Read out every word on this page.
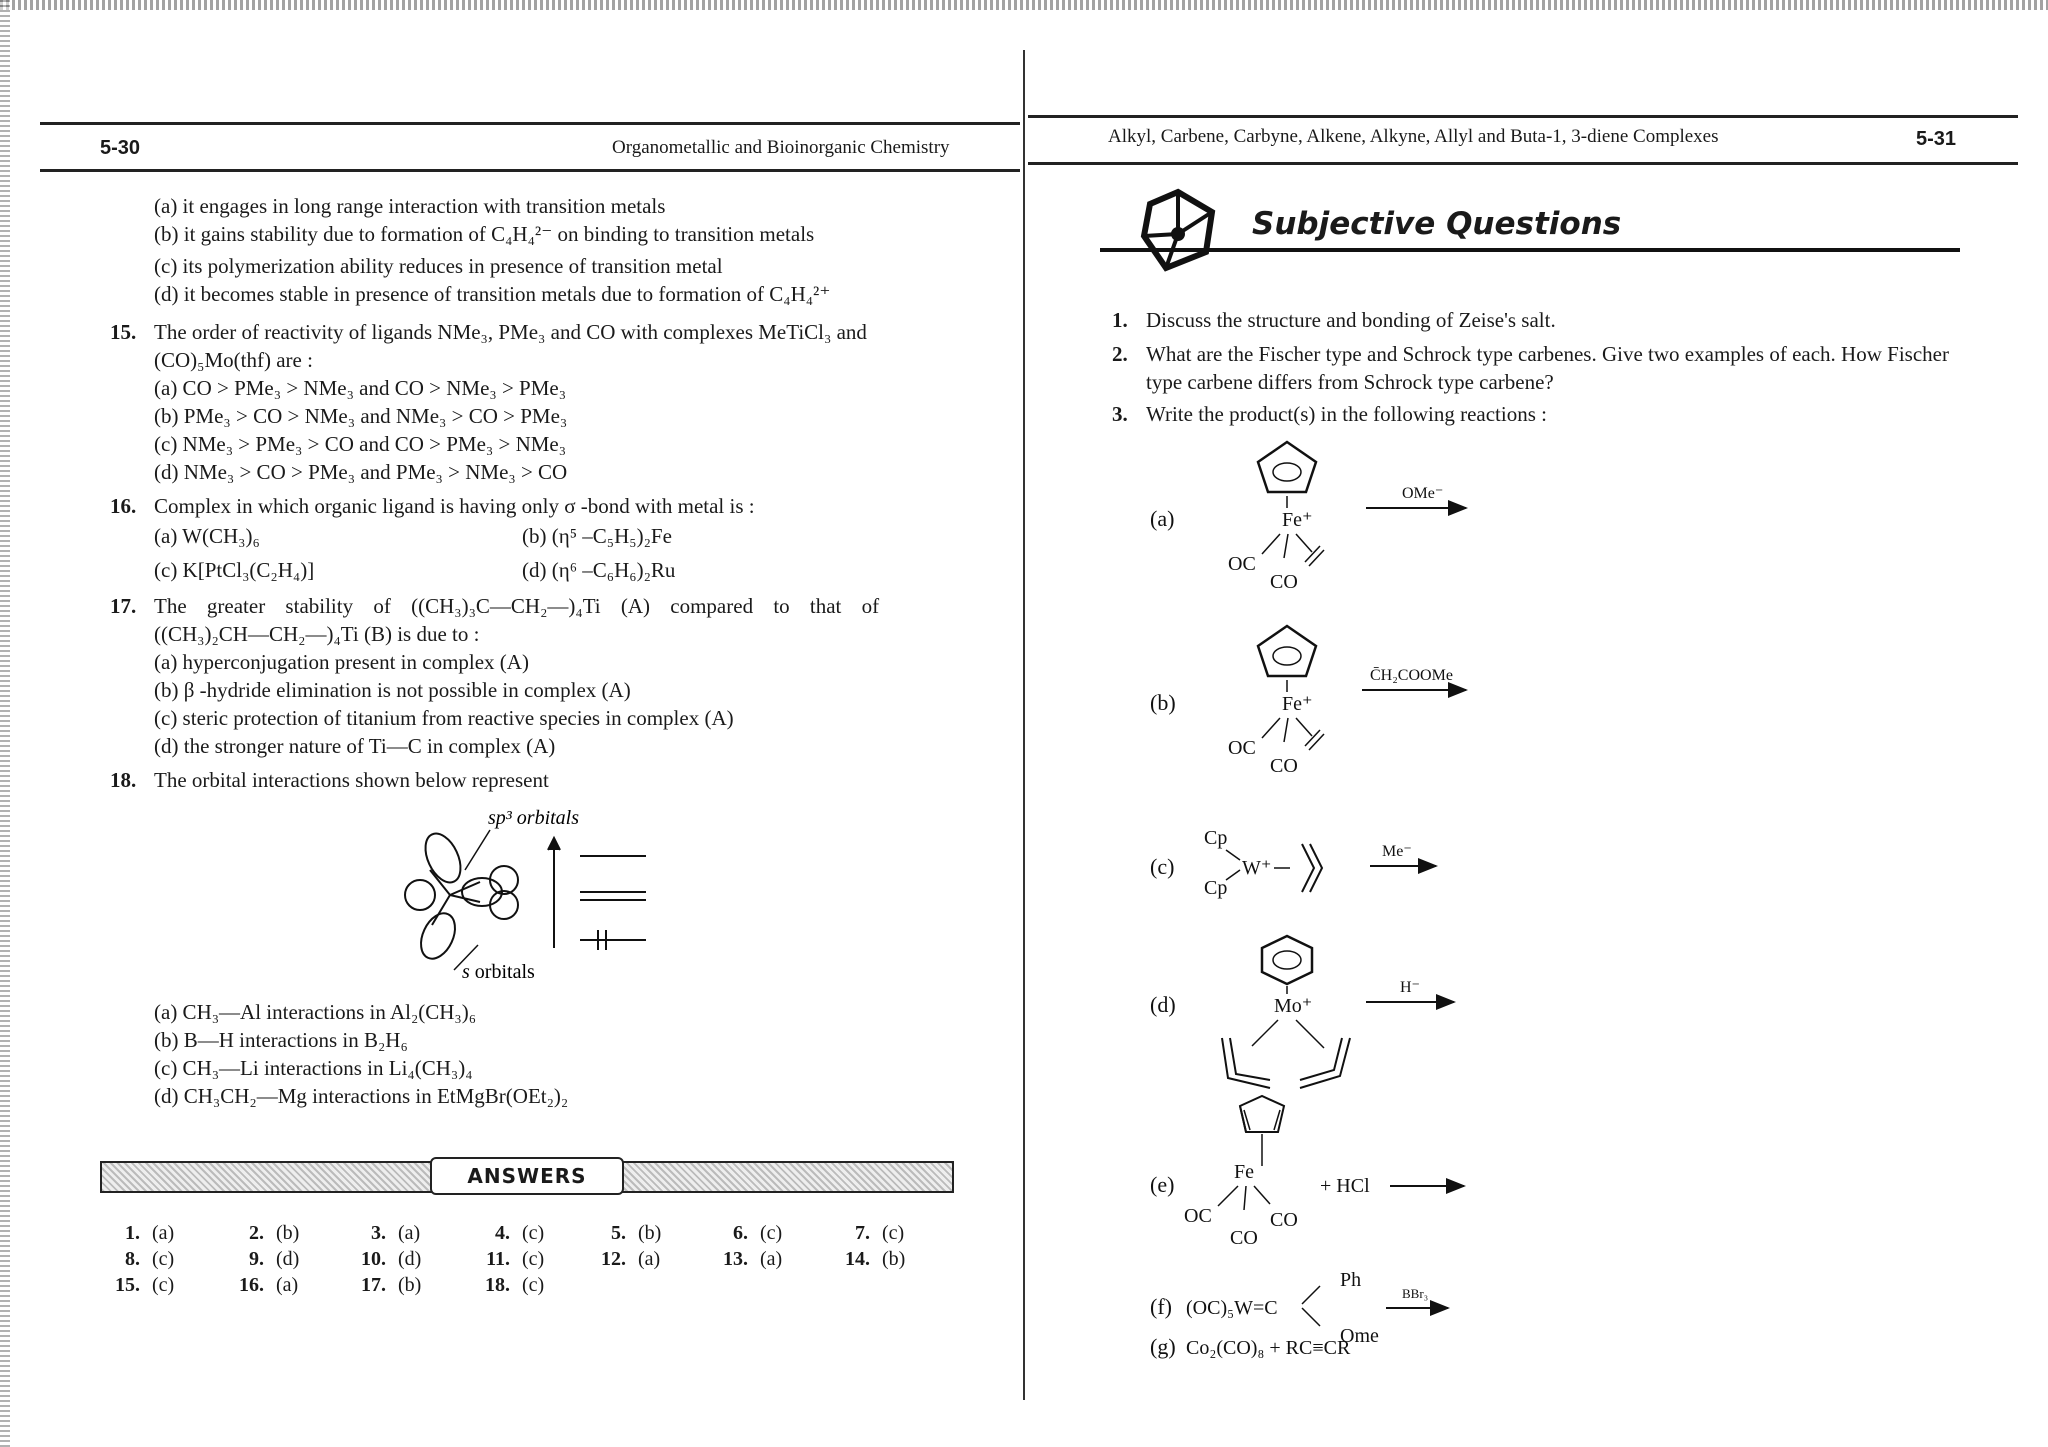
5-30	Organometallic and Bioinorganic Chemistry
(a) it engages in long range interaction with transition metals
(b) it gains stability due to formation of C₄H₄²⁻ on binding to transition metals
(c) its polymerization ability reduces in presence of transition metal
(d) it becomes stable in presence of transition metals due to formation of C₄H₄²⁺
15. The order of reactivity of ligands NMe₃, PMe₃ and CO with complexes MeTiCl₃ and
(CO)₅Mo(thf) are :
(a) CO > PMe₃ > NMe₃ and CO > NMe₃ > PMe₃
(b) PMe₃ > CO > NMe₃ and NMe₃ > CO > PMe₃
(c) NMe₃ > PMe₃ > CO and CO > PMe₃ > NMe₃
(d) NMe₃ > CO > PMe₃ and PMe₃ > NMe₃ > CO
16. Complex in which organic ligand is having only σ -bond with metal is :
(a) W(CH₃)₆	(b) (η⁵ –C₅H₅)₂Fe
(c) K[PtCl₃(C₂H₄)]	(d) (η⁶ –C₆H₆)₂Ru
17. The greater stability of ((CH₃)₃C—CH₂—)₄Ti (A) compared to that of
((CH₃)₂CH—CH₂—)₄Ti (B) is due to :
(a) hyperconjugation present in complex (A)
(b) β -hydride elimination is not possible in complex (A)
(c) steric protection of titanium from reactive species in complex (A)
(d) the stronger nature of Ti—C in complex (A)
18. The orbital interactions shown below represent
sp³ orbitals
s orbitals
(a) CH₃—Al interactions in Al₂(CH₃)₆
(b) B—H interactions in B₂H₆
(c) CH₃—Li interactions in Li₄(CH₃)₄
(d) CH₃CH₂—Mg interactions in EtMgBr(OEt₂)₂
ANSWERS
1. (a)	2. (b)	3. (a)	4. (c)	5. (b)	6. (c)	7. (c)
8. (c)	9. (d)	10. (d)	11. (c)	12. (a)	13. (a)	14. (b)
15. (c)	16. (a)	17. (b)	18. (c)
Alkyl, Carbene, Carbyne, Alkene, Alkyne, Allyl and Buta-1, 3-diene Complexes	5-31
Subjective Questions
1. Discuss the structure and bonding of Zeise's salt.
2. What are the Fischer type and Schrock type carbenes. Give two examples of each. How Fischer
type carbene differs from Schrock type carbene?
3. Write the product(s) in the following reactions :
(a)	Fe⁺
OC
CO
OMe⁻
(b)	Fe⁺
OC
CO
C̄H₂COOMe
(c)
Cp
Cp
W⁺
Me⁻
(d)	Mo⁺
H⁻
(e)	Fe
OC
CO
CO
+ HCl
(f) (OC)₅W=C
Ph
Ome
BBr₃
(g) Co₂(CO)₈ + RC≡CR
